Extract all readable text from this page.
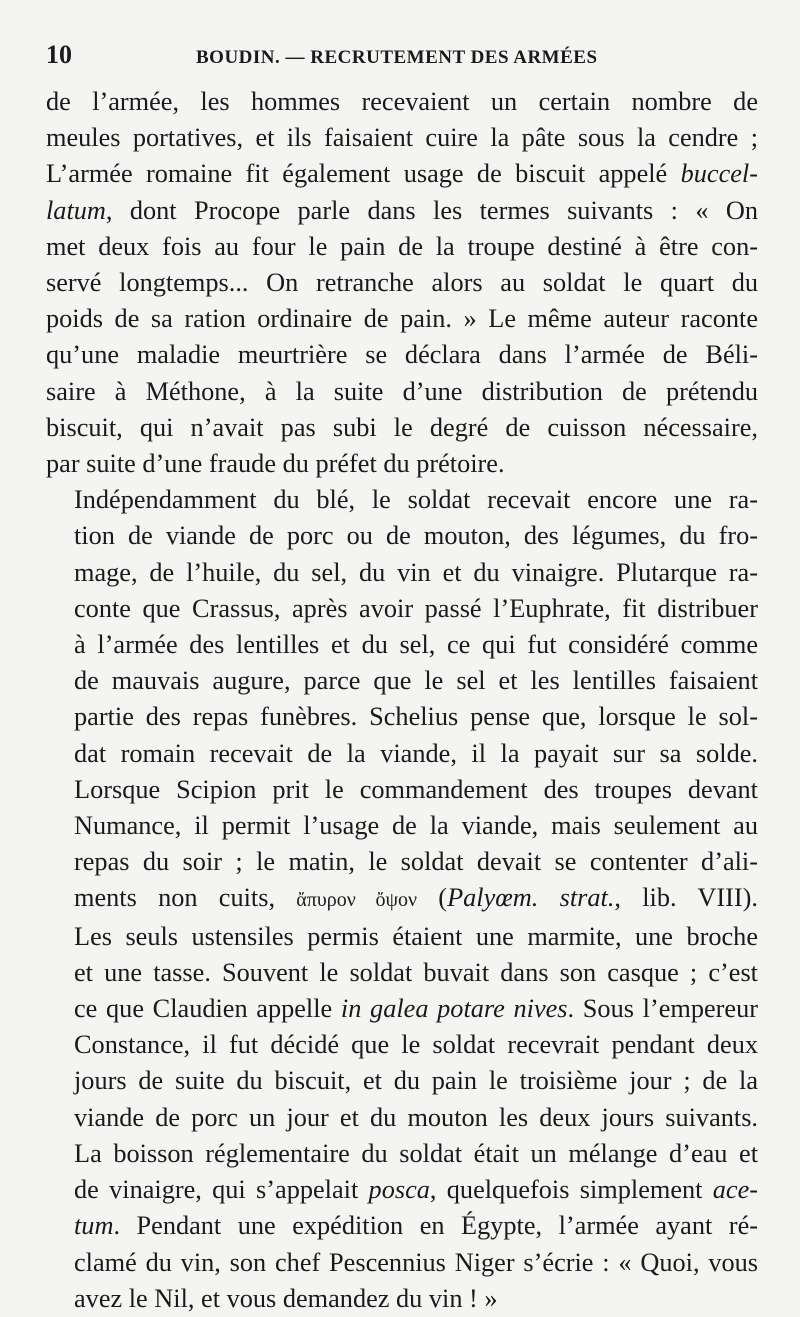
10	BOUDIN. — RECRUTEMENT DES ARMÉES

de l’armée, les hommes recevaient un certain nombre de
meules portatives, et ils faisaient cuire la pâte sous la cendre ;
L’armée romaine fit également usage de biscuit appelé buccel-
latum, dont Procope parle dans les termes suivants : « On
met deux fois au four le pain de la troupe destiné à être con-
servé longtemps... On retranche alors au soldat le quart du
poids de sa ration ordinaire de pain. » Le même auteur raconte
qu’une maladie meurtrière se déclara dans l’armée de Béli-
saire à Méthone, à la suite d’une distribution de prétendu
biscuit, qui n’avait pas subi le degré de cuisson nécessaire,
par suite d’une fraude du préfet du prétoire.

Indépendamment du blé, le soldat recevait encore une ra-
tion de viande de porc ou de mouton, des légumes, du fro-
mage, de l’huile, du sel, du vin et du vinaigre. Plutarque ra-
conte que Crassus, après avoir passé l’Euphrate, fit distribuer
à l’armée des lentilles et du sel, ce qui fut considéré comme
de mauvais augure, parce que le sel et les lentilles faisaient
partie des repas funèbres. Schelius pense que, lorsque le sol-
dat romain recevait de la viande, il la payait sur sa solde.
Lorsque Scipion prit le commandement des troupes devant
Numance, il permit l’usage de la viande, mais seulement au
repas du soir ; le matin, le soldat devait se contenter d’ali-
ments non cuits, ἄπυρον ὄψον (Palyœm. strat., lib. VIII).
Les seuls ustensiles permis étaient une marmite, une broche
et une tasse. Souvent le soldat buvait dans son casque ; c’est
ce que Claudien appelle in galea potare nives. Sous l’empereur
Constance, il fut décidé que le soldat recevrait pendant deux
jours de suite du biscuit, et du pain le troisième jour ; de la
viande de porc un jour et du mouton les deux jours suivants.
La boisson réglementaire du soldat était un mélange d’eau et
de vinaigre, qui s’appelait posca, quelquefois simplement ace-
tum. Pendant une expédition en Égypte, l’armée ayant ré-
clamé du vin, son chef Pescennius Niger s’écrie : « Quoi, vous
avez le Nil, et vous demandez du vin ! »
